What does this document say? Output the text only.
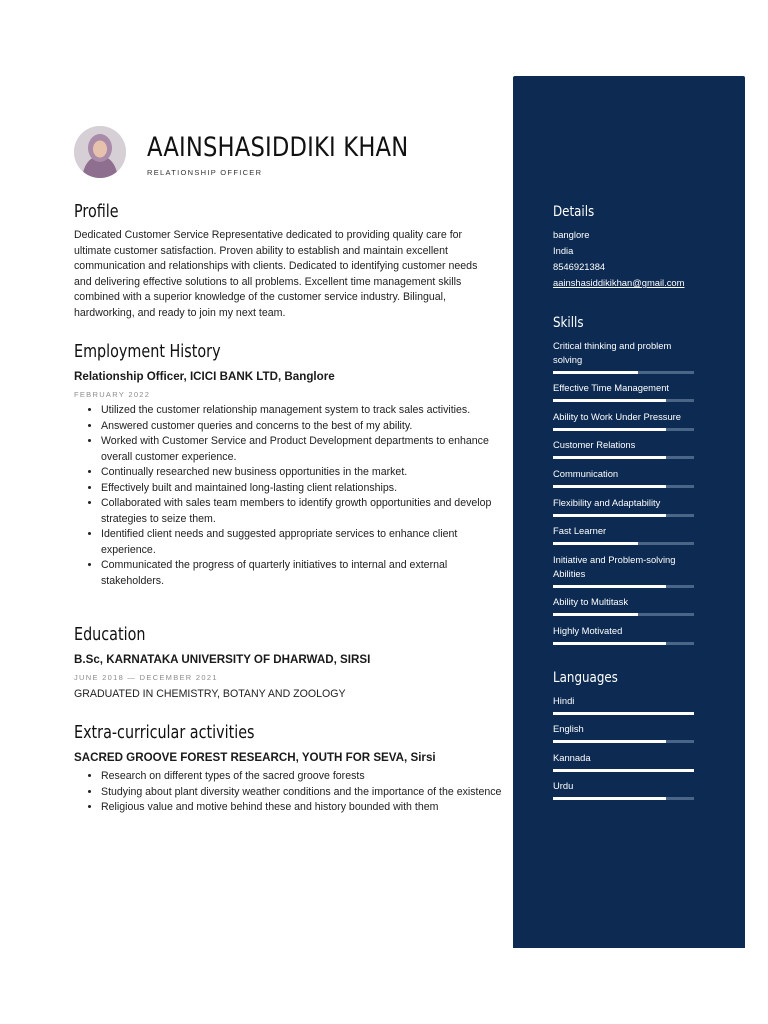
AAINSHASIDDIKI KHAN
RELATIONSHIP OFFICER
Profile
Dedicated Customer Service Representative dedicated to providing quality care for ultimate customer satisfaction. Proven ability to establish and maintain excellent communication and relationships with clients. Dedicated to identifying customer needs and delivering effective solutions to all problems. Excellent time management skills combined with a superior knowledge of the customer service industry. Bilingual, hardworking, and ready to join my next team.
Employment History
Relationship Officer, ICICI BANK LTD, Banglore
FEBRUARY 2022
• Utilized the customer relationship management system to track sales activities.
• Answered customer queries and concerns to the best of my ability.
• Worked with Customer Service and Product Development departments to enhance overall customer experience.
• Continually researched new business opportunities in the market.
• Effectively built and maintained long-lasting client relationships.
• Collaborated with sales team members to identify growth opportunities and develop strategies to seize them.
• Identified client needs and suggested appropriate services to enhance client experience.
• Communicated the progress of quarterly initiatives to internal and external stakeholders.
Education
B.Sc, KARNATAKA UNIVERSITY OF DHARWAD, SIRSI
JUNE 2018 — DECEMBER 2021
GRADUATED IN CHEMISTRY, BOTANY AND ZOOLOGY
Extra-curricular activities
SACRED GROOVE FOREST RESEARCH, YOUTH FOR SEVA, Sirsi
• Research on different types of the sacred groove forests
• Studying about plant diversity weather conditions and the importance of the existence
• Religious value and motive behind these and history bounded with them
Details
banglore
India
8546921384
aainshasiddikikhan@gmail.com
Skills
Critical thinking and problem solving
Effective Time Management
Ability to Work Under Pressure
Customer Relations
Communication
Flexibility and Adaptability
Fast Learner
Initiative and Problem-solving Abilities
Ability to Multitask
Highly Motivated
Languages
Hindi
English
Kannada
Urdu
